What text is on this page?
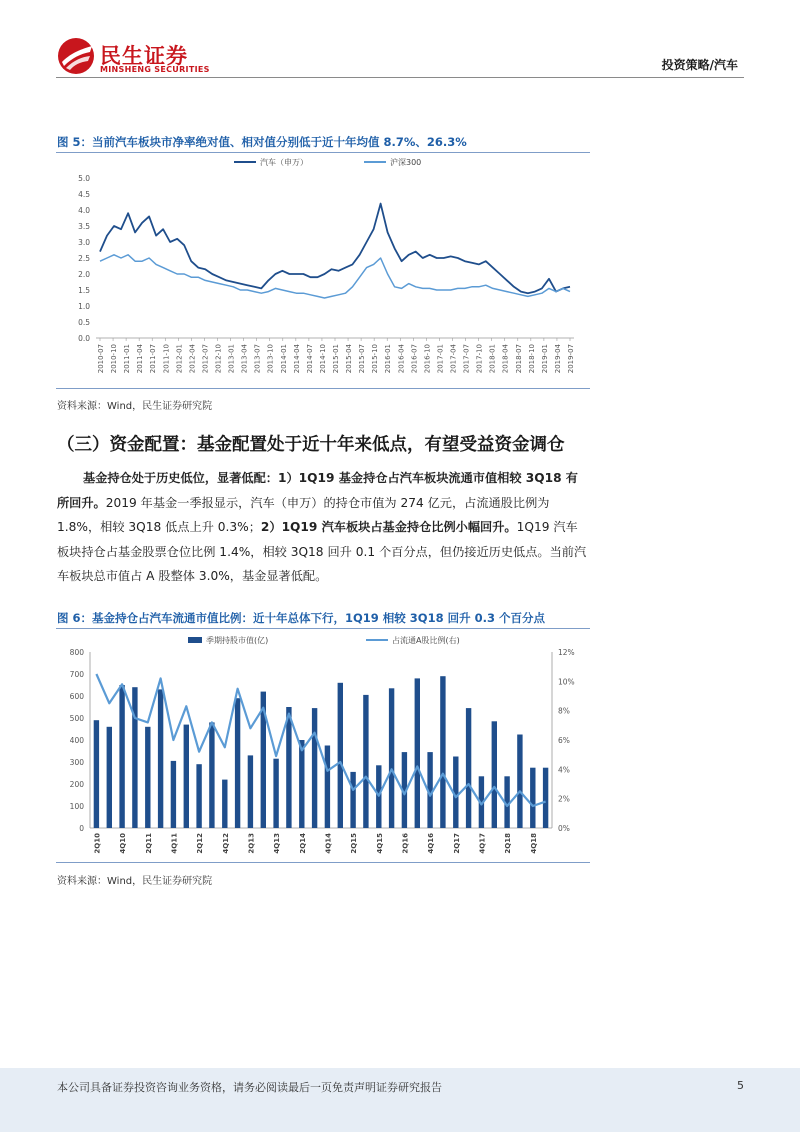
民生证券
MINSHENG SECURITIES	投资策略/汽车
图 5：当前汽车板块市净率绝对值、相对值分别低于近十年均值 8.7%、26.3%
汽车（申万）	沪深300
0.0
0.5
1.0
1.5
2.0
2.5
3.0
3.5
4.0
4.5
5.0
2010-07 2010-10 2011-01 2011-04 2011-07 2011-10 2012-01 2012-04 2012-07 2012-10 2013-01 2013-04 2013-07 2013-10 2014-01 2014-04 2014-07 2014-10 2015-01 2015-04 2015-07 2015-10 2016-01 2016-04 2016-07 2016-10 2017-01 2017-04 2017-07 2017-10 2018-01 2018-04 2018-07 2018-10 2019-01 2019-04 2019-07
资料来源：Wind，民生证券研究院
（三）资金配置：基金配置处于近十年来低点，有望受益资金调仓
基金持仓处于历史低位，显著低配：1）1Q19 基金持仓占汽车板块流通市值相较 3Q18 有所回升。2019 年基金一季报显示，汽车（申万）的持仓市值为 274 亿元，占流通股比例为 1.8%，相较 3Q18 低点上升 0.3%；2）1Q19 汽车板块占基金持仓比例小幅回升。1Q19 汽车板块持仓占基金股票仓位比例 1.4%，相较 3Q18 回升 0.1 个百分点，但仍接近历史低点。当前汽车板块总市值占 A 股整体 3.0%，基金显著低配。
图 6：基金持仓占汽车流通市值比例：近十年总体下行，1Q19 相较 3Q18 回升 0.3 个百分点
季期持股市值(亿)	占流通A股比例(右)
0
100
200
300
400
500
600
700
800
0%
2%
4%
6%
8%
10%
12%
2Q10	4Q10	2Q11	4Q11	2Q12	4Q12	2Q13	4Q13	2Q14	4Q14	2Q15	4Q15	2Q16	4Q16	2Q17	4Q17	2Q18	4Q18
资料来源：Wind，民生证券研究院
本公司具备证券投资咨询业务资格，请务必阅读最后一页免责声明证券研究报告	5
